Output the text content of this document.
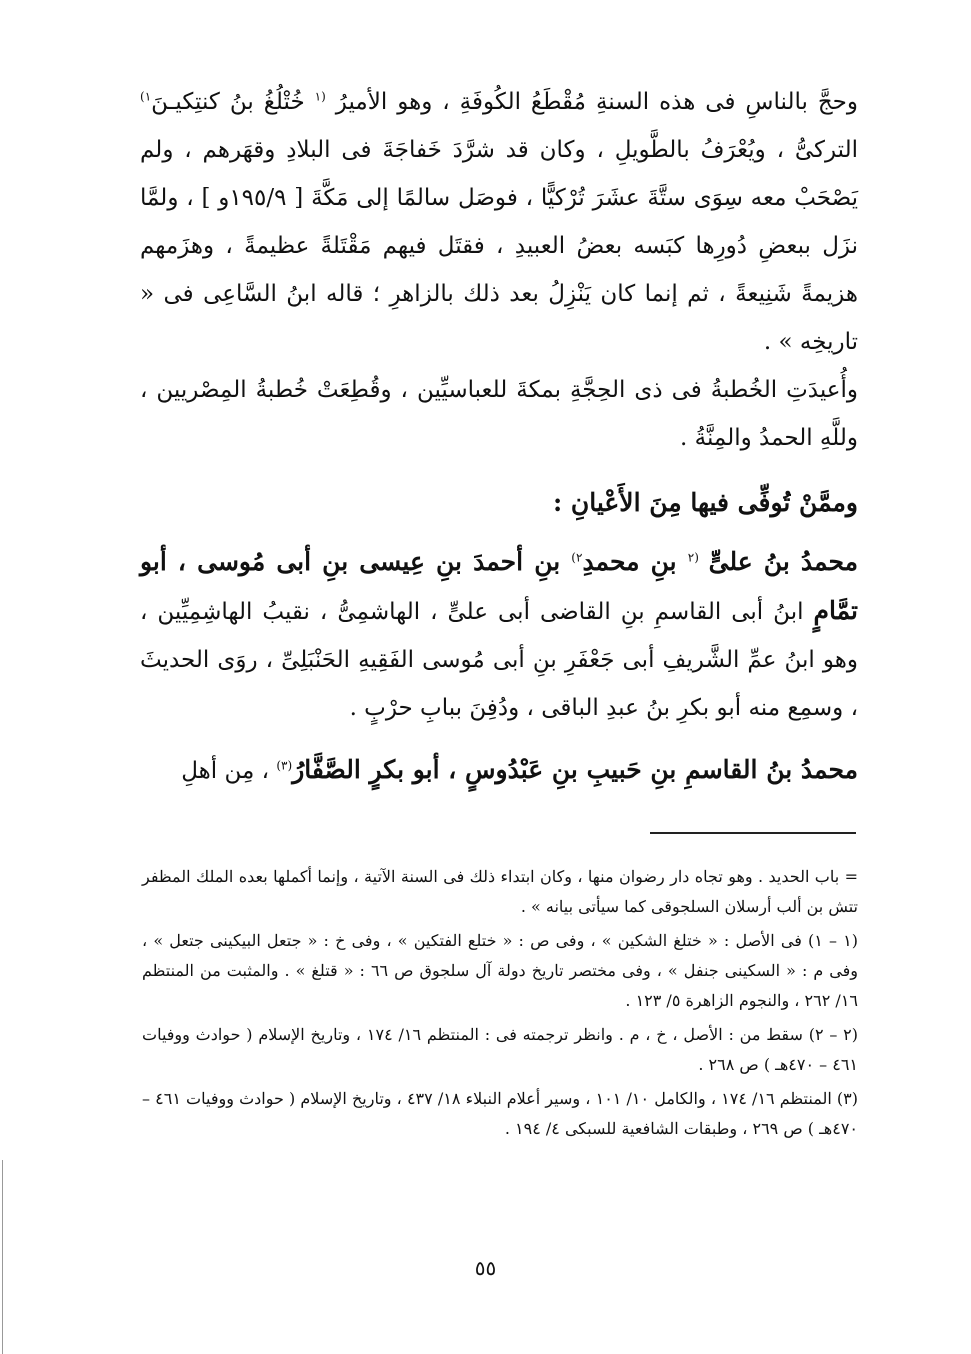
وحجَّ بالناسِ فى هذه السنةِ مُقْطَعُ الكُوفَةِ ، وهو الأميرُ $^{(١}$ خُتْلُغُ بنُ كنتِكيـنَ$^{١)}$ التركىُّ ، ويُعْرَفُ بالطَّويلِ ، وكان قد شرَّدَ خَفاجَةَ فى البلادِ وقهَرهم ، ولم يَصْحَبْ معه سِوَى ستَّةَ عشَرَ تُرْكيًّا ، فوصَل سالمًا إلى مَكَّةَ [ ١٩٥/٩و ] ، ولمَّا نزَل ببعضِ دُورِها كبَسه بعضُ العبيدِ ، فقتَل فيهم مَقْتَلةً عظيمةً ، وهزَمهم هزيمةً شَنِيعةً ، ثم إنما كان يَنْزِلُ بعد ذلك بالزاهرِ ؛ قاله ابنُ السَّاعِى فى « تاريخِه » .

وأُعيدَتِ الخُطبةُ فى ذى الحِجَّةِ بمكةَ للعباسيِّين ، وقُطِعَتْ خُطبةُ المِصْريين ، وللَّهِ الحمدُ والمِنَّةُ .

وممَّنْ تُوفِّى فيها مِنَ الأَعْيانِ :

محمدُ بنُ علىٍّ $^{(٢}$ بنِ محمدِ$^{٢)}$ بنِ أحمدَ بنِ عِيسى بنِ أبى مُوسى ، أبو تمَّامٍ ابنُ أبى القاسمِ بنِ القاضى أبى علىٍّ ، الهاشمِىُّ ، نقيبُ الهاشِمِيِّين ، وهو ابنُ عمِّ الشَّريفِ أبى جَعْفَرِ بنِ أبى مُوسى الفَقِيهِ الحَنْبَلِىِّ ، روَى الحديثَ ، وسمِع منه أبو بكرِ بنُ عبدِ الباقى ، ودُفِنَ ببابِ حرْبٍ .

محمدُ بنُ القاسمِ بنِ حَبيبِ بنِ عَبْدُوسٍ ، أبو بكرٍ الصَّفَّارُ$^{(٣)}$ ، مِن أهلِ

= باب الحديد . وهو تجاه دار رضوان منها ، وكان ابتداء ذلك فى السنة الآتية ، وإنما أكملها بعده الملك المظفر تتش بن ألب أرسلان السلجوقى كما سيأتى بيانه » .

(١ – ١) فى الأصل : « ختلغ الشكين » ، وفى ص : « ختلع الفتكين » ، وفى خ : « جتعل البيكينى جتعل » ، وفى م : « السكينى جنفل » ، وفى مختصر تاريخ دولة آل سلجوق ص ٦٦ : « قتلغ » . والمثبت من المنتظم ١٦/ ٢٦٢ ، والنجوم الزاهرة ٥/ ١٢٣ .

(٢ – ٢) سقط من : الأصل ، خ ، م . وانظر ترجمته فى : المنتظم ١٦/ ١٧٤ ، وتاريخ الإسلام ( حوادث ووفيات ٤٦١ – ٤٧٠هـ ) ص ٢٦٨ .

(٣) المنتظم ١٦/ ١٧٤ ، والكامل ١٠/ ١٠١ ، وسير أعلام النبلاء ١٨/ ٤٣٧ ، وتاريخ الإسلام ( حوادث ووفيات ٤٦١ – ٤٧٠هـ ) ص ٢٦٩ ، وطبقات الشافعية للسبكى ٤/ ١٩٤ .

٥٥
